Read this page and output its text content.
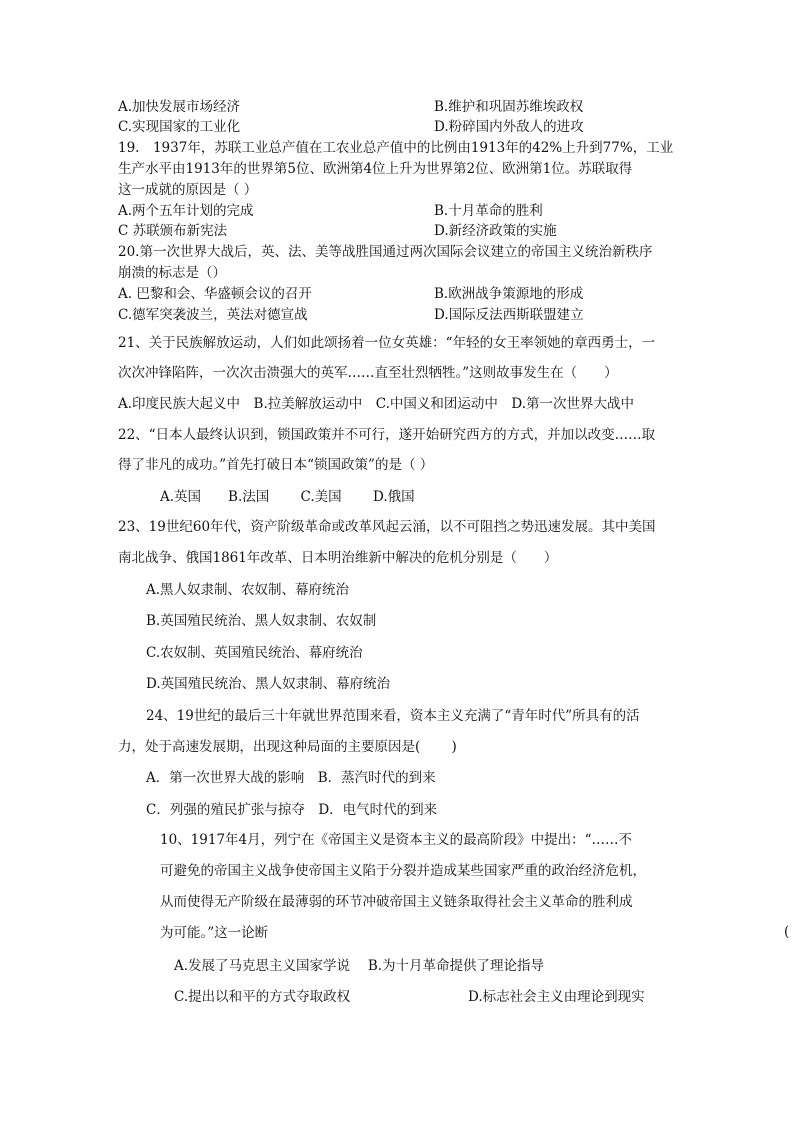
A.加快发展市场经济	B.维护和巩固苏维埃政权
C.实现国家的工业化	D.粉碎国内外敌人的进攻
19.　1937年，苏联工业总产值在工农业总产值中的比例由1913年的42%上升到77%，工业
生产水平由1913年的世界第5位、欧洲第4位上升为世界第2位、欧洲第1位。苏联取得
这一成就的原因是（ ）
A.两个五年计划的完成	B.十月革命的胜利
C 苏联颁布新宪法	D.新经济政策的实施
20.第一次世界大战后，英、法、美等战胜国通过两次国际会议建立的帝国主义统治新秩序
崩溃的标志是（）
A. 巴黎和会、华盛顿会议的召开	B.欧洲战争策源地的形成
C.德军突袭波兰，英法对德宣战	D.国际反法西斯联盟建立
21、关于民族解放运动，人们如此颂扬着一位女英雄：“年轻的女王率领她的章西勇士，一
次次冲锋陷阵，一次次击溃强大的英军……直至壮烈牺牲。”这则故事发生在（　　）
A.印度民族大起义中　B.拉美解放运动中　C.中国义和团运动中　D.第一次世界大战中
22、“日本人最终认识到，锁国政策并不可行，遂开始研究西方的方式，并加以改变……取
得了非凡的成功。”首先打破日本“锁国政策”的是（ ）
A.英国　　B.法国　　 C.美国　　 D.俄国
23、19世纪60年代，资产阶级革命或改革风起云涌，以不可阻挡之势迅速发展。其中美国
南北战争、俄国1861年改革、日本明治维新中解决的危机分别是（　　）
A.黑人奴隶制、农奴制、幕府统治
B.英国殖民统治、黑人奴隶制、农奴制
C.农奴制、英国殖民统治、幕府统治
D.英国殖民统治、黑人奴隶制、幕府统治
24、19世纪的最后三十年就世界范围来看，资本主义充满了“青年时代”所具有的活
力，处于高速发展期，出现这种局面的主要原因是(　　 )
A．第一次世界大战的影响　B．蒸汽时代的到来
C．列强的殖民扩张与掠夺　D．电气时代的到来
10、1917年4月，列宁在《帝国主义是资本主义的最高阶段》中提出：“……不
可避免的帝国主义战争使帝国主义陷于分裂并造成某些国家严重的政治经济危机，
从而使得无产阶级在最薄弱的环节冲破帝国主义链条取得社会主义革命的胜利成
为可能。”这一论断	(
A.发展了马克思主义国家学说　 B.为十月革命提供了理论指导
C.提出以和平的方式夺取政权	D.标志社会主义由理论到现实
